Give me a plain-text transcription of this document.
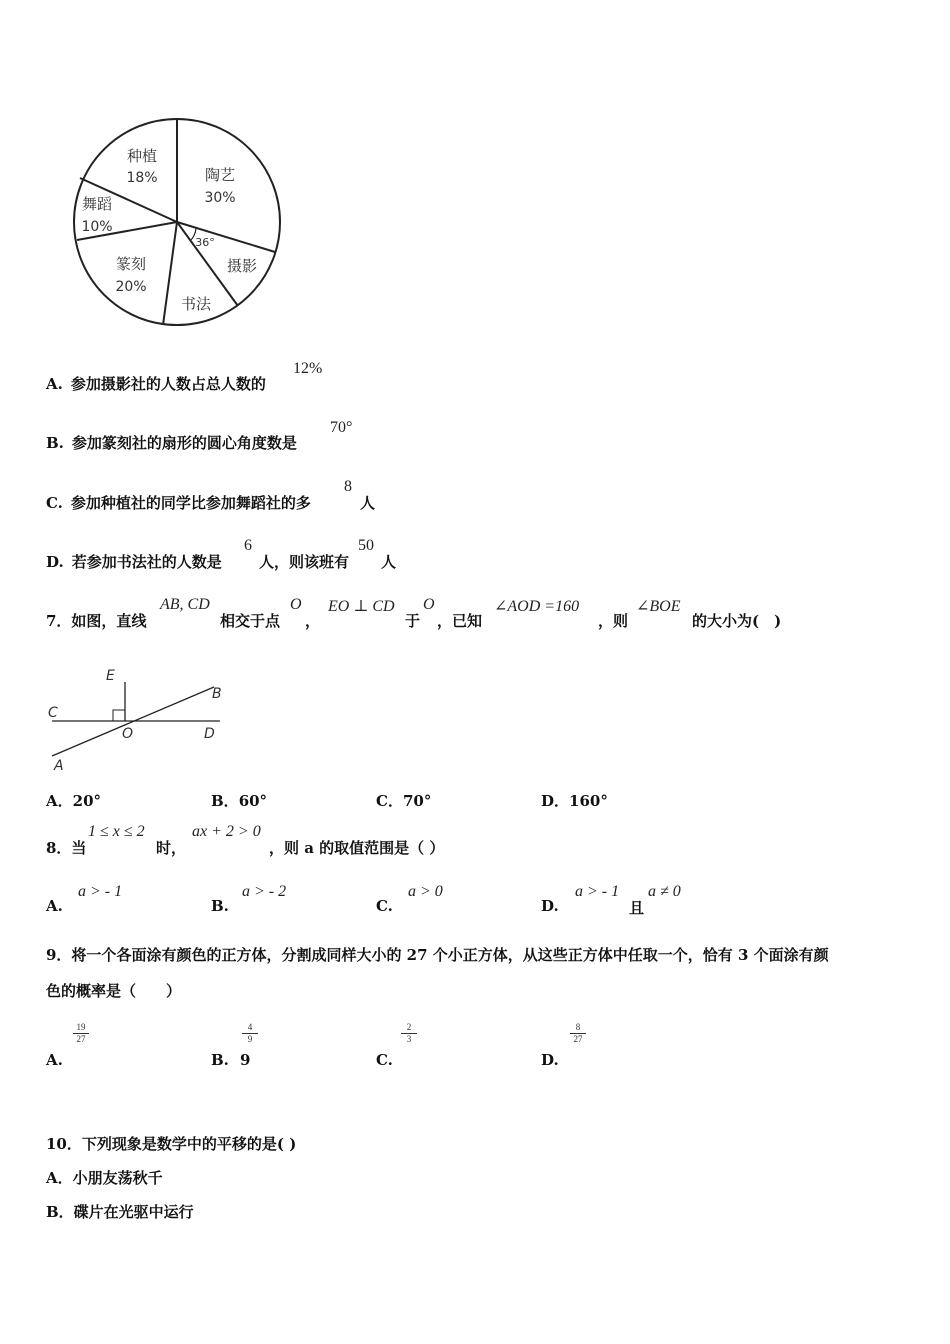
种植
18%	陶艺
30%
舞蹈
10%
篆刻
20%
书法
摄影
36°
A. 参加摄影社的人数占总人数的
12%
B. 参加篆刻社的扇形的圆心角度数是
70°
C. 参加种植社的同学比参加舞蹈社的多
8
人
D. 若参加书法社的人数是
6
人，则该班有
50
人
7．如图，直线
AB, CD
相交于点
O
，
EO ⊥ CD
于
O
，已知
∠AOD =160
，则
∠BOE
的大小为(　)
E
B
C
O	D
A
A．20°	B．60°	C．70°	D．160°
8．当
1 ≤ x ≤ 2
时，
ax + 2 > 0
，则 a 的取值范围是（ ）
A.
a > - 1
B.
a > - 2
C.
a > 0
D.
a > - 1
且
a ≠ 0
9．将一个各面涂有颜色的正方体，分割成同样大小的 27 个小正方体，从这些正方体中任取一个，恰有 3 个面涂有颜
色的概率是（　　）
A.
$\frac{19}{27}$
B.
$\frac{4}{9}$
9	C.
$\frac{2}{3}$
D.
$\frac{8}{27}$
10．下列现象是数学中的平移的是( )
A．小朋友荡秋千
B．碟片在光驱中运行
